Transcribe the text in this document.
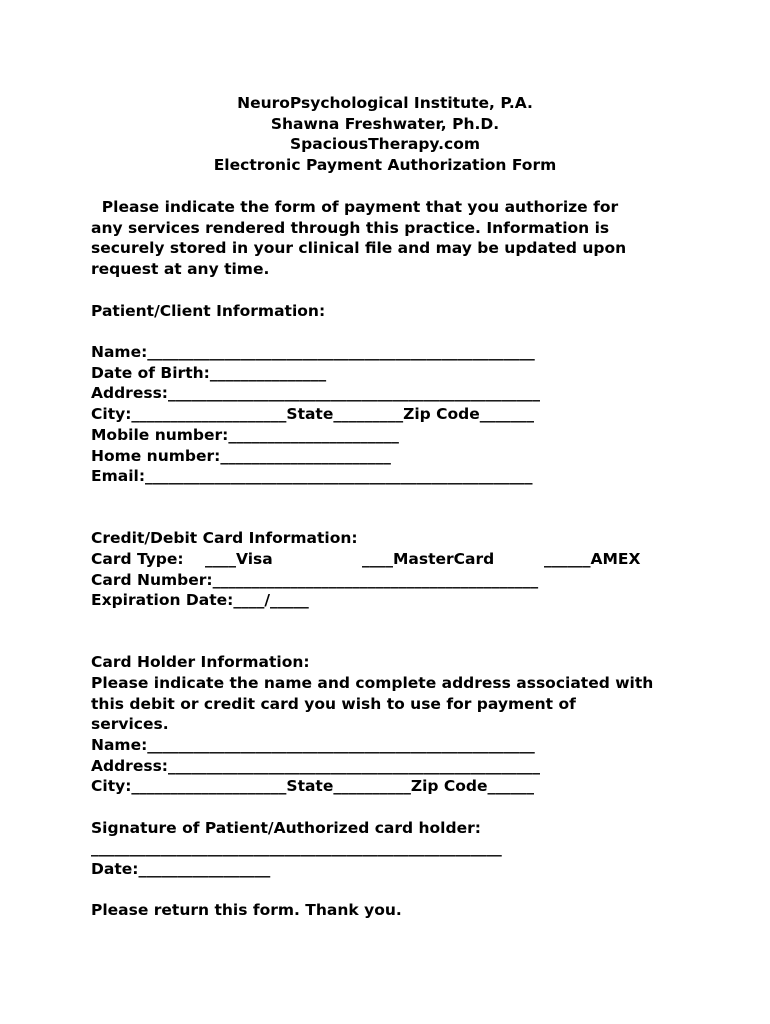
NeuroPsychological Institute, P.A.
Shawna Freshwater, Ph.D.
SpaciousTherapy.com
Electronic Payment Authorization Form
Please indicate the form of payment that you authorize for
any services rendered through this practice. Information is
securely stored in your clinical file and may be updated upon
request at any time.
Patient/Client Information:
Name:__________________________________________________
Date of Birth:_______________
Address:________________________________________________
City:____________________State_________Zip Code_______
Mobile number:______________________
Home number:______________________
Email:__________________________________________________
Credit/Debit Card Information:
Card Type: ____Visa	____MasterCard	______AMEX
Card Number:__________________________________________
Expiration Date:____/_____
Card Holder Information:
Please indicate the name and complete address associated with
this debit or credit card you wish to use for payment of
services.
Name:__________________________________________________
Address:________________________________________________
City:____________________State__________Zip Code______
Signature of Patient/Authorized card holder:
_____________________________________________________
Date:_________________
Please return this form. Thank you.
